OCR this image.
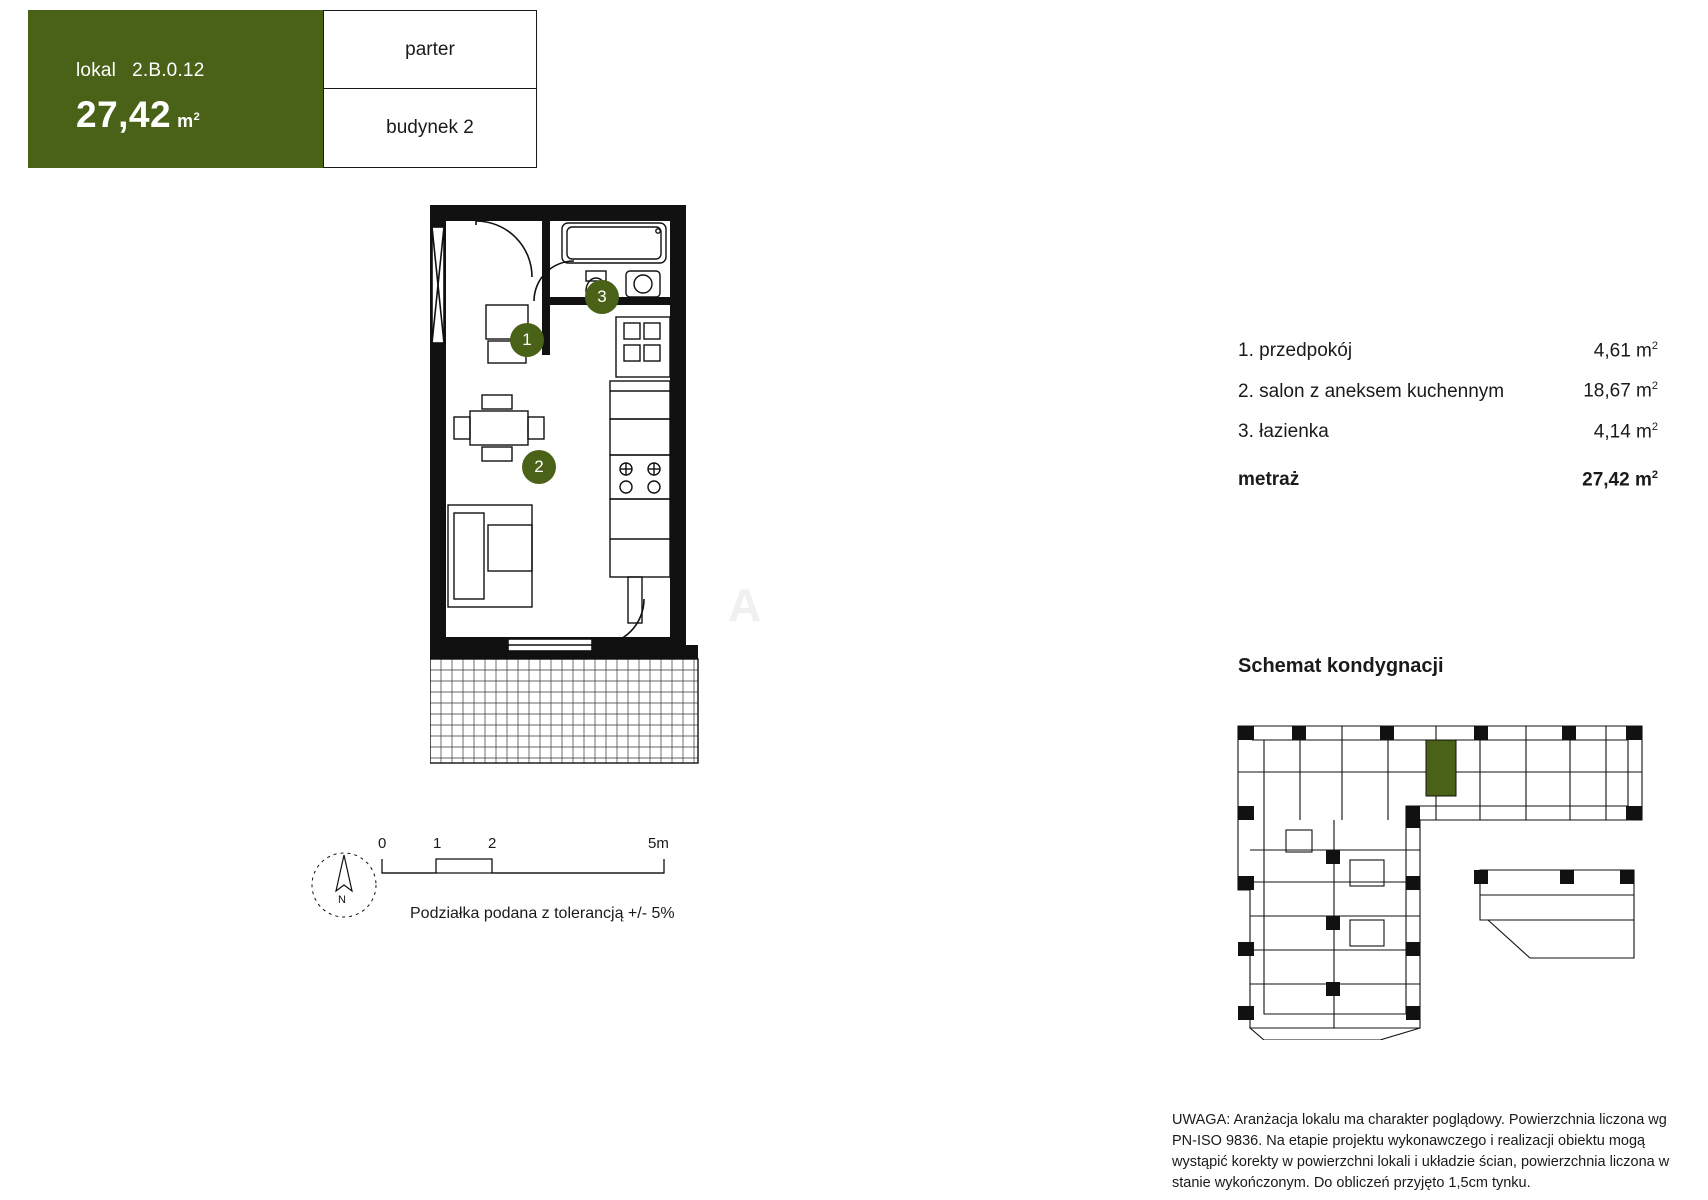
lokal 2.B.0.12
27,42 $m^2$
parter
budynek 2
1
2
3
A
N
0	1	2	5m
Podziałka podana z tolerancją +/- 5%
1. przedpokój	4,61 $m^2$
2. salon z aneksem kuchennym	18,67 $m^2$
3. łazienka	4,14 $m^2$
metraż	27,42 $m^2$
Schemat kondygnacji
UWAGA: Aranżacja lokalu ma charakter poglądowy. Powierzchnia liczona wg PN-ISO 9836. Na etapie projektu wykonawczego i realizacji obiektu mogą wystąpić korekty w powierzchni lokali i układzie ścian, powierzchnia liczona w stanie wykończonym. Do obliczeń przyjęto 1,5cm tynku.
